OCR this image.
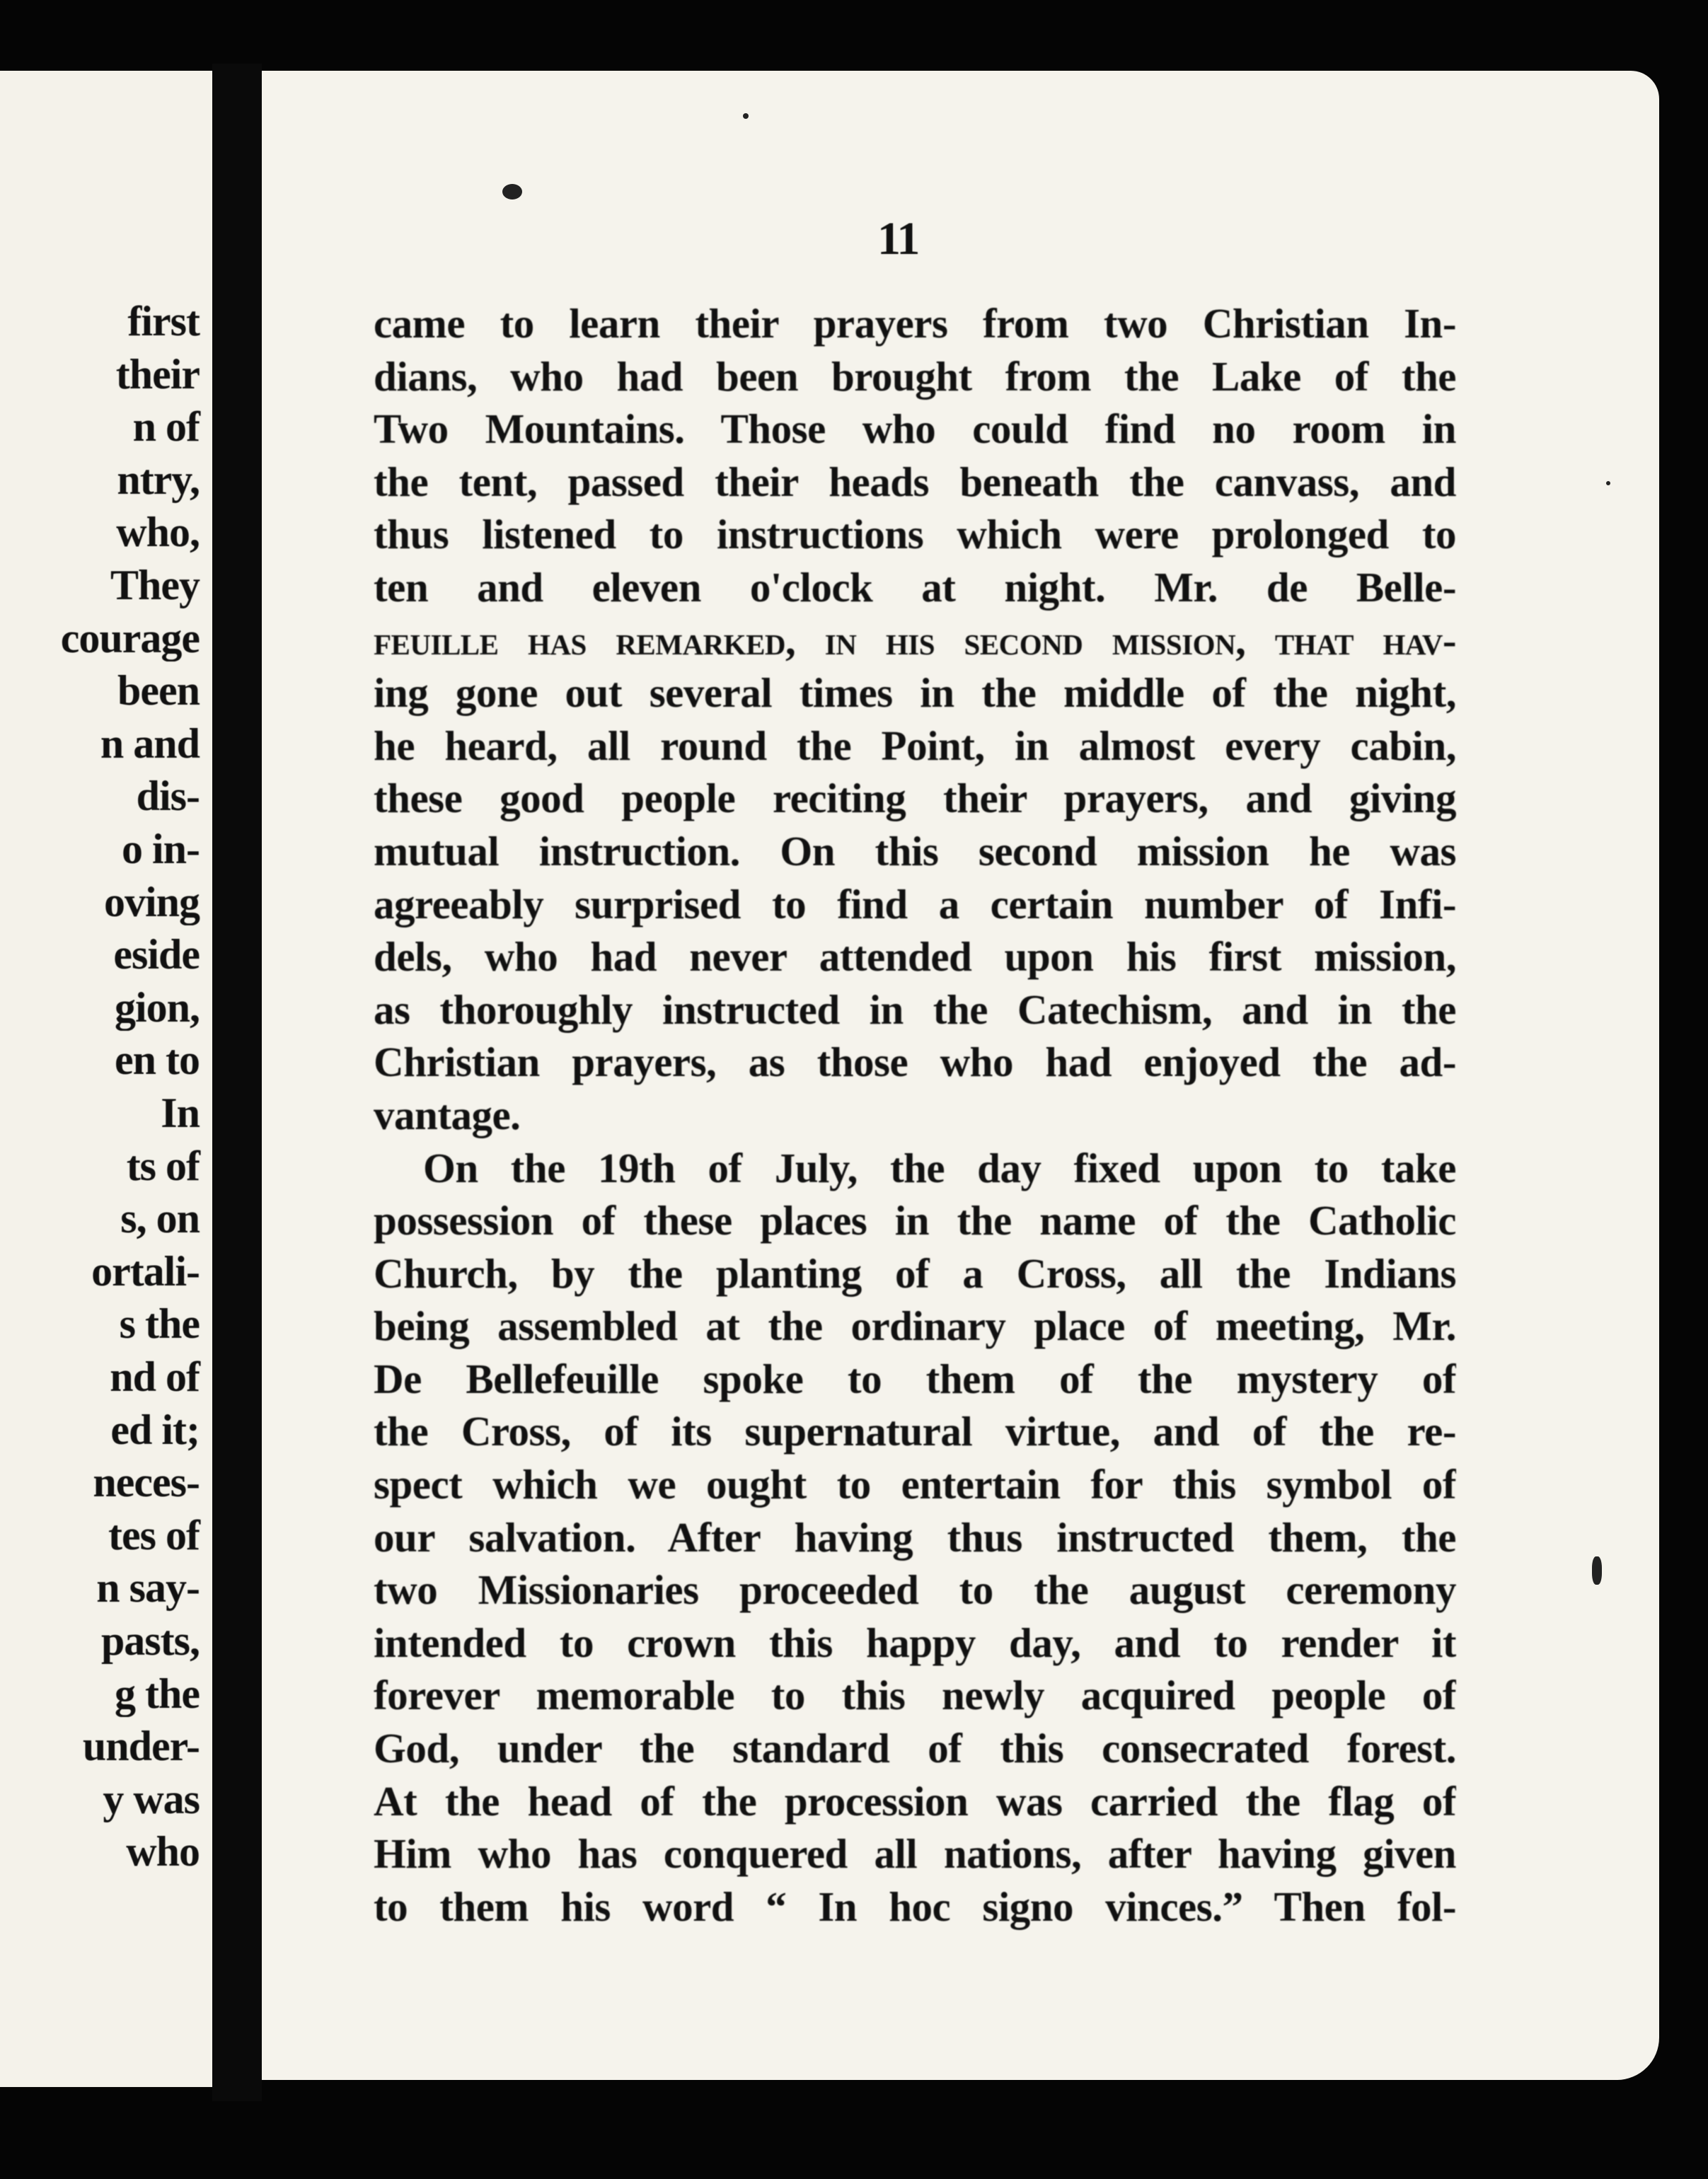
first
their
n of
ntry,
who,
They
courage
been
n and
dis-
o in-
oving
eside
gion,
en to
In
ts of
s, on
ortali-
s the
nd of
ed it;
neces-
tes of
n say-
pasts,
g the
under-
y was
who
11
came to learn their prayers from two Christian In-
dians, who had been brought from the Lake of the
Two Mountains. Those who could find no room in
the tent, passed their heads beneath the canvass, and
thus listened to instructions which were prolonged to
ten and eleven o'clock at night. Mr. de Belle-
feuille has remarked, in his second mission, that hav-
ing gone out several times in the middle of the night,
he heard, all round the Point, in almost every cabin,
these good people reciting their prayers, and giving
mutual instruction. On this second mission he was
agreeably surprised to find a certain number of Infi-
dels, who had never attended upon his first mission,
as thoroughly instructed in the Catechism, and in the
Christian prayers, as those who had enjoyed the ad-
vantage.
On the 19th of July, the day fixed upon to take
possession of these places in the name of the Catholic
Church, by the planting of a Cross, all the Indians
being assembled at the ordinary place of meeting, Mr.
De Bellefeuille spoke to them of the mystery of
the Cross, of its supernatural virtue, and of the re-
spect which we ought to entertain for this symbol of
our salvation. After having thus instructed them, the
two Missionaries proceeded to the august ceremony
intended to crown this happy day, and to render it
forever memorable to this newly acquired people of
God, under the standard of this consecrated forest.
At the head of the procession was carried the flag of
Him who has conquered all nations, after having given
to them his word “ In hoc signo vinces.” Then fol-
